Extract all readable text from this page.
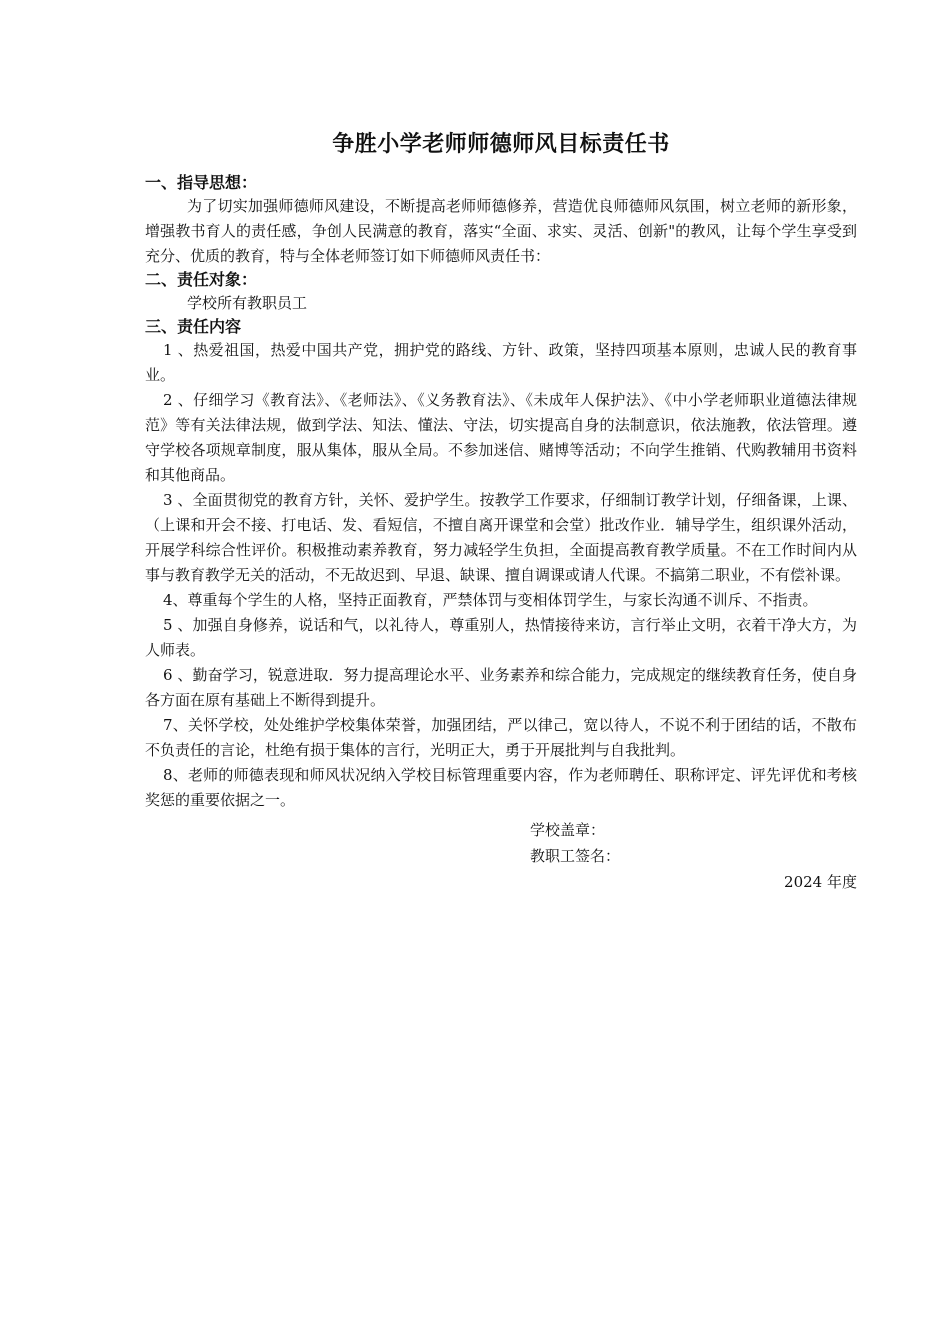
争胜小学老师师德师风目标责任书
一、指导思想：

为了切实加强师德师风建设，不断提高老师师德修养，营造优良师德师风氛围，树立老师的新形象，增强教书育人的责任感，争创人民满意的教育，落实“全面、求实、灵活、创新"的教风，让每个学生享受到充分、优质的教育，特与全体老师签订如下师德师风责任书：

二、责任对象：

学校所有教职员工

三、责任内容

1 、热爱祖国，热爱中国共产党，拥护党的路线、方针、政策，坚持四项基本原则，忠诚人民的教育事业。

2 、仔细学习《教育法》、《老师法》、《义务教育法》、《未成年人保护法》、《中小学老师职业道德法律规范》等有关法律法规，做到学法、知法、懂法、守法，切实提高自身的法制意识，依法施教，依法管理。遵守学校各项规章制度，服从集体，服从全局。不参加迷信、赌博等活动；不向学生推销、代购教辅用书资料和其他商品。

3 、全面贯彻党的教育方针，关怀、爱护学生。按教学工作要求，仔细制订教学计划，仔细备课，上课、（上课和开会不接、打电话、发、看短信，不擅自离开课堂和会堂）批改作业．辅导学生，组织课外活动，开展学科综合性评价。积极推动素养教育，努力减轻学生负担，全面提高教育教学质量。不在工作时间内从事与教育教学无关的活动，不无故迟到、早退、缺课、擅自调课或请人代课。不搞第二职业，不有偿补课。

4、尊重每个学生的人格，坚持正面教育，严禁体罚与变相体罚学生，与家长沟通不训斥、不指责。

5 、加强自身修养，说话和气，以礼待人，尊重别人，热情接待来访，言行举止文明，衣着干净大方，为人师表。

6 、勤奋学习，锐意进取．努力提高理论水平、业务素养和综合能力，完成规定的继续教育任务，使自身各方面在原有基础上不断得到提升。

7、关怀学校，处处维护学校集体荣誉，加强团结，严以律己，宽以待人，不说不利于团结的话，不散布不负责任的言论，杜绝有损于集体的言行，光明正大，勇于开展批判与自我批判。

8、老师的师德表现和师风状况纳入学校目标管理重要内容，作为老师聘任、职称评定、评先评优和考核奖惩的重要依据之一。

学校盖章：

教职工签名：

2024 年度
